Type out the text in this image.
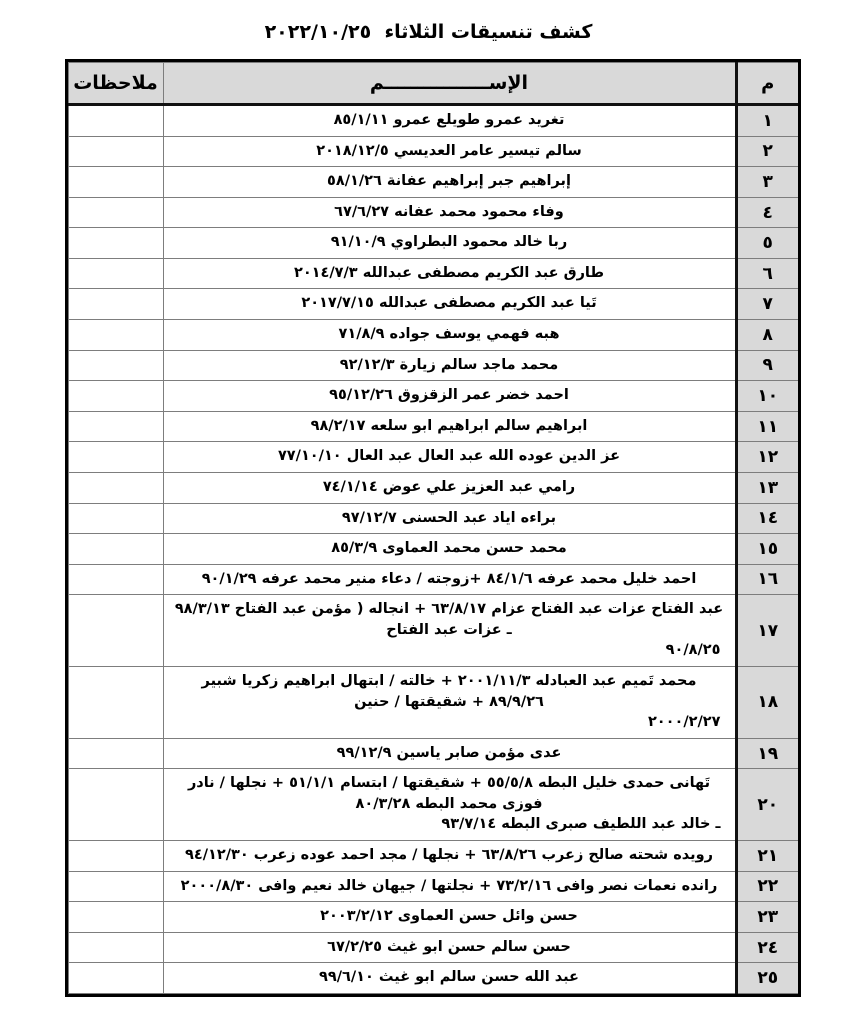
كشف تنسيقات الثلاثاء  ٢٠٢٢/١٠/٢٥
م	الإســــــــــــــــم	ملاحظات
١	تغريد عمرو طويلع عمرو ٨٥/١/١١	
٢	سالم تيسير عامر العديسي ٢٠١٨/١٢/٥	
٣	إبراهيم جبر إبراهيم عفانة ٥٨/١/٢٦	
٤	وفاء محمود محمد عفانه ٦٧/٦/٢٧	
٥	ربا خالد محمود البطراوي ٩١/١٠/٩	
٦	طارق عبد الكريم مصطفى عبدالله ٢٠١٤/٧/٣	
٧	تَيا عبد الكريم مصطفى عبدالله ٢٠١٧/٧/١٥	
٨	هبه فهمي يوسف جواده ٧١/٨/٩	
٩	محمد ماجد سالم زيارة ٩٢/١٢/٣	
١٠	احمد خضر عمر الزقزوق ٩٥/١٢/٢٦	
١١	ابراهيم سالم ابراهيم ابو سلعه ٩٨/٢/١٧	
١٢	عز الدين عوده الله عبد العال عبد العال ٧٧/١٠/١٠	
١٣	رامي عبد العزيز علي عوض ٧٤/١/١٤	
١٤	براءه اياد عبد الحسنى ٩٧/١٢/٧	
١٥	محمد حسن محمد العماوى ٨٥/٣/٩	
١٦	احمد خليل محمد عرفه ٨٤/١/٦ +زوجته / دعاء منير محمد عرفه ٩٠/١/٢٩	
١٧	عبد الفتاح عزات عبد الفتاح عزام ٦٣/٨/١٧ + انجاله ( مؤمن عبد الفتاح ٩٨/٣/١٣ ـ عزات عبد الفتاح
٩٠/٨/٢٥	

١٨	محمد تَميم عبد العبادله ٢٠٠١/١١/٣ + خالته / ابتهال ابراهيم زكريا شبير ٨٩/٩/٢٦ + شقيقتها / حنين
٢٠٠٠/٢/٢٧	

١٩	عدى مؤمن صابر ياسين ٩٩/١٢/٩	
٢٠	تَهانى حمدى خليل البطه ٥٥/٥/٨ + شقيقتها / ابتسام ٥١/١/١ + نجلها / نادر فوزى محمد البطه ٨٠/٣/٢٨
ـ خالد عبد اللطيف صبرى البطه ٩٣/٧/١٤	

٢١	رويده شحته صالح زعرب ٦٣/٨/٢٦ + نجلها / مجد احمد عوده زعرب ٩٤/١٢/٣٠	
٢٢	رانده نعمات نصر وافى ٧٣/٢/١٦ + نجلتها / جيهان خالد نعيم وافى ٢٠٠٠/٨/٣٠	
٢٣	حسن وائل حسن العماوى ٢٠٠٣/٢/١٢	
٢٤	حسن سالم حسن ابو غيث ٦٧/٢/٢٥	
٢٥	عبد الله حسن سالم ابو غيث ٩٩/٦/١٠	
